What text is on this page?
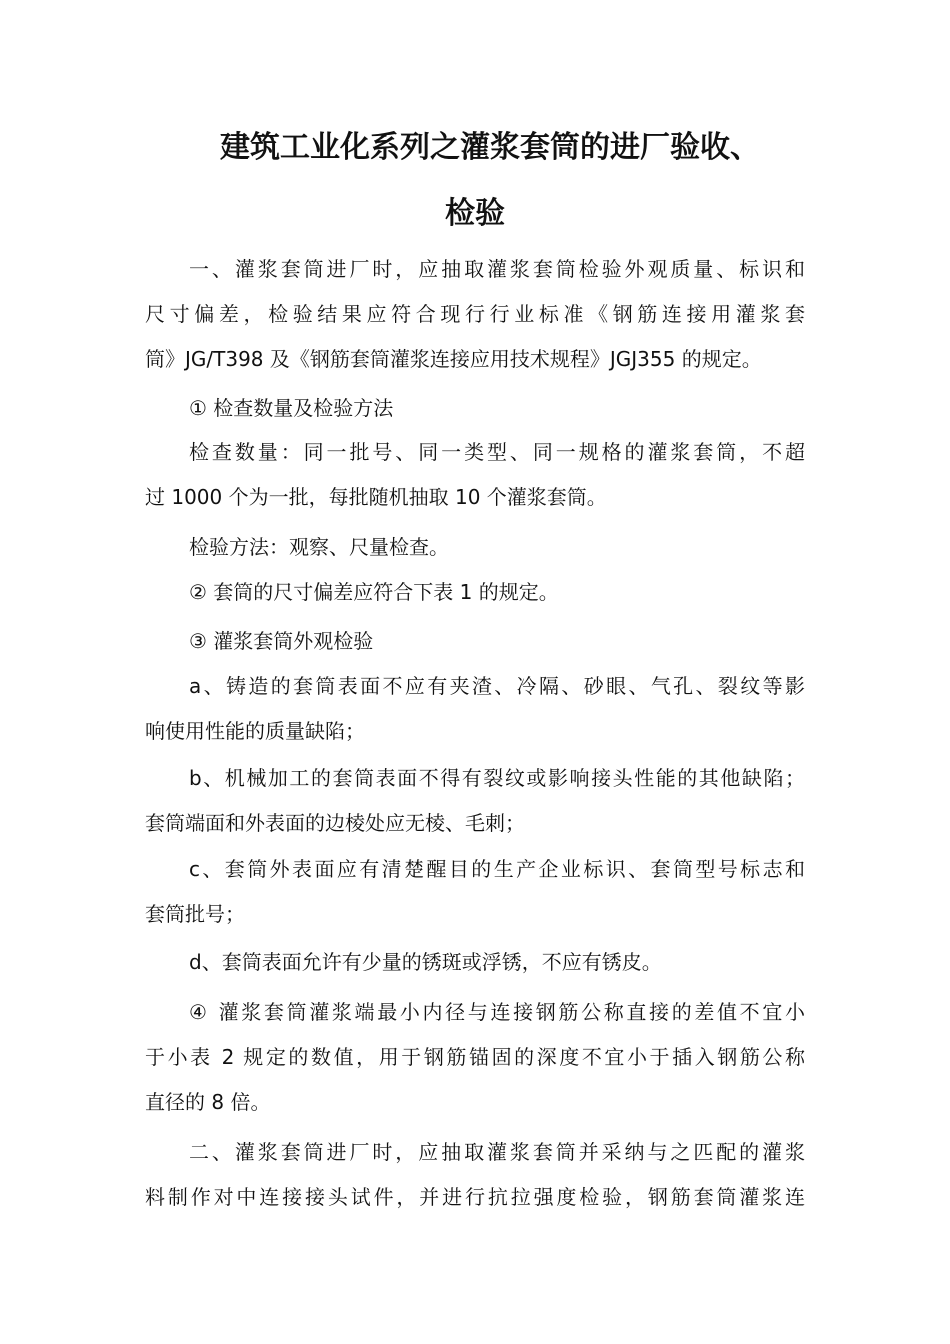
建筑工业化系列之灌浆套筒的进厂验收、
检验

一、灌浆套筒进厂时，应抽取灌浆套筒检验外观质量、标识和
尺寸偏差，检验结果应符合现行行业标准《钢筋连接用灌浆套
筒》JG/T398 及《钢筋套筒灌浆连接应用技术规程》JGJ355 的规定。

① 检查数量及检验方法

检查数量：同一批号、同一类型、同一规格的灌浆套筒，不超
过 1000 个为一批，每批随机抽取 10 个灌浆套筒。

检验方法：观察、尺量检查。

② 套筒的尺寸偏差应符合下表 1 的规定。

③ 灌浆套筒外观检验

a、铸造的套筒表面不应有夹渣、冷隔、砂眼、气孔、裂纹等影
响使用性能的质量缺陷；

b、机械加工的套筒表面不得有裂纹或影响接头性能的其他缺陷；
套筒端面和外表面的边棱处应无棱、毛刺；

c、套筒外表面应有清楚醒目的生产企业标识、套筒型号标志和
套筒批号；

d、套筒表面允许有少量的锈斑或浮锈，不应有锈皮。

④ 灌浆套筒灌浆端最小内径与连接钢筋公称直接的差值不宜小
于小表 2 规定的数值，用于钢筋锚固的深度不宜小于插入钢筋公称
直径的 8 倍。

二、灌浆套筒进厂时，应抽取灌浆套筒并采纳与之匹配的灌浆
料制作对中连接接头试件，并进行抗拉强度检验，钢筋套筒灌浆连
